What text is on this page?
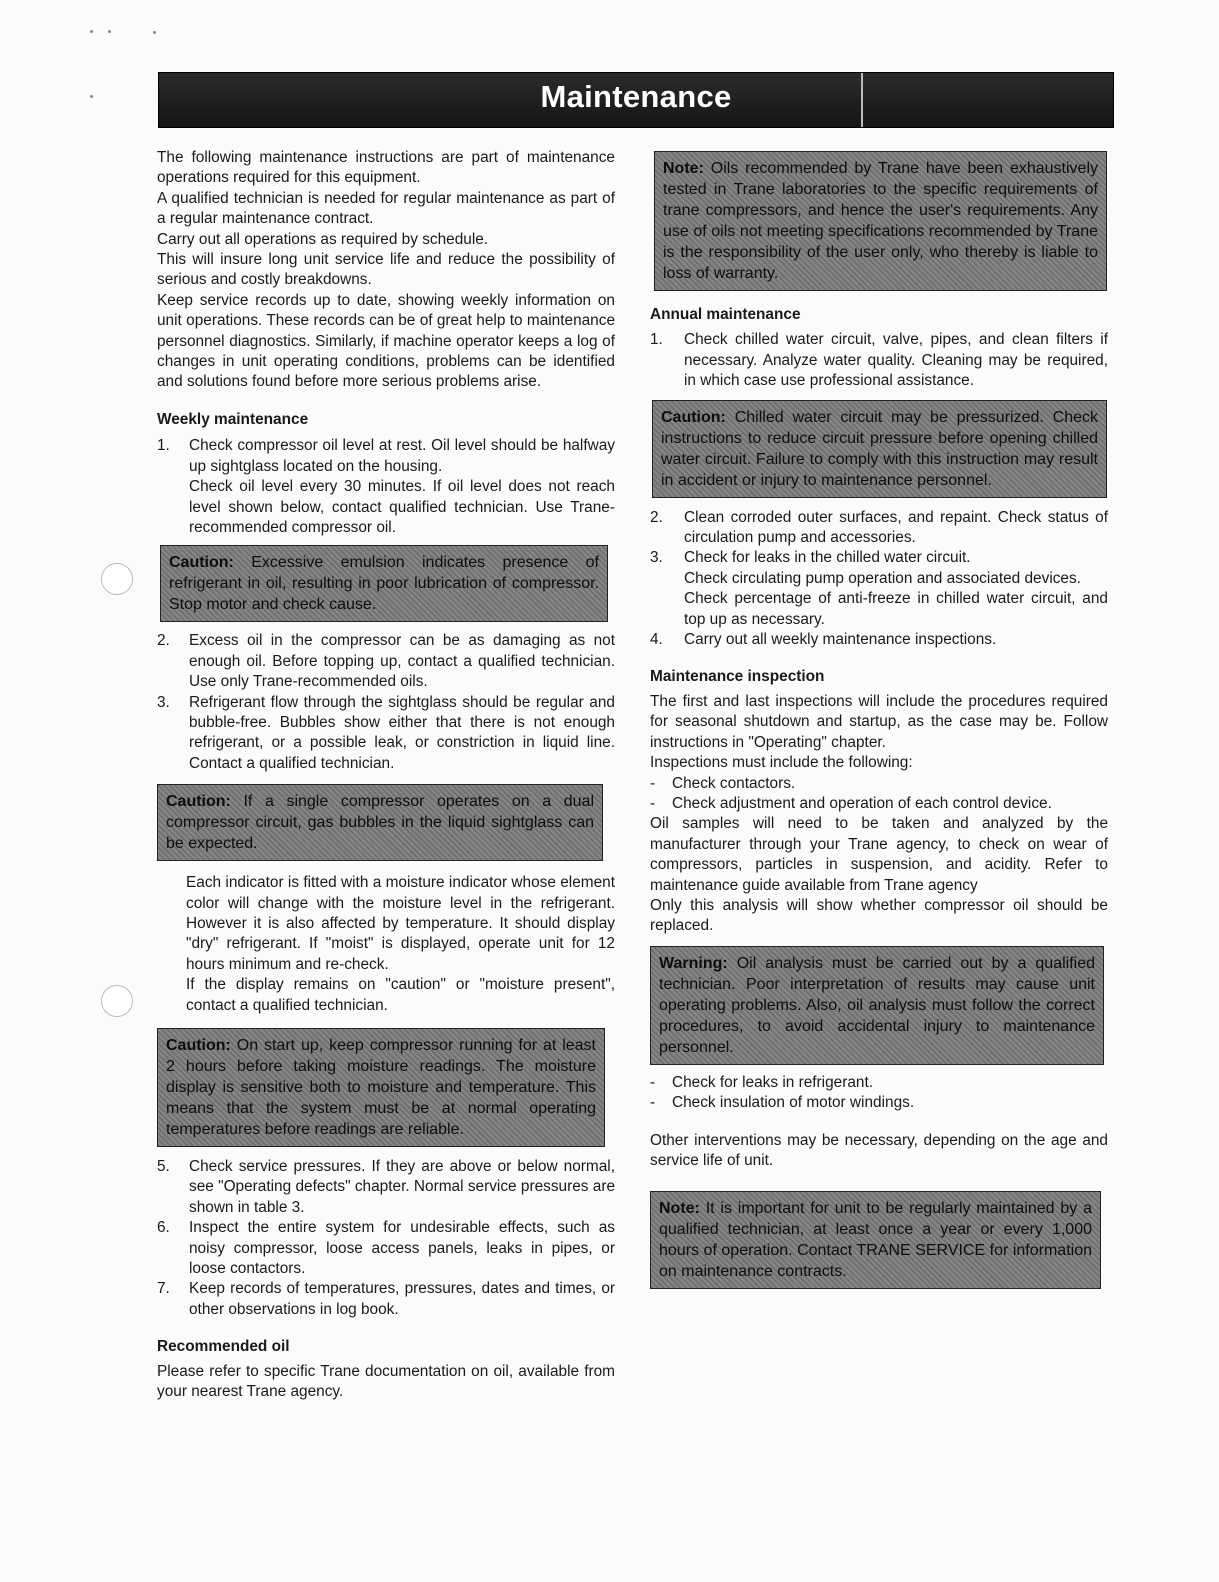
Maintenance

The following maintenance instructions are part of maintenance operations required for this equipment.

A qualified technician is needed for regular maintenance as part of a regular maintenance contract.

Carry out all operations as required by schedule.

This will insure long unit service life and reduce the possibility of serious and costly breakdowns.

Keep service records up to date, showing weekly information on unit operations. These records can be of great help to maintenance personnel diagnostics. Similarly, if machine operator keeps a log of changes in unit operating conditions, problems can be identified and solutions found before more serious problems arise.

Weekly maintenance
1. Check compressor oil level at rest. Oil level should be halfway up sightglass located on the housing.
Check oil level every 30 minutes. If oil level does not reach level shown below, contact qualified technician. Use Trane-recommended compressor oil.
Caution: Excessive emulsion indicates presence of refrigerant in oil, resulting in poor lubrication of compressor. Stop motor and check cause.
2. Excess oil in the compressor can be as damaging as not enough oil. Before topping up, contact a qualified technician. Use only Trane-recommended oils.
3. Refrigerant flow through the sightglass should be regular and bubble-free. Bubbles show either that there is not enough refrigerant, or a possible leak, or constriction in liquid line. Contact a qualified technician.
Caution: If a single compressor operates on a dual compressor circuit, gas bubbles in the liquid sightglass can be expected.

Each indicator is fitted with a moisture indicator whose element color will change with the moisture level in the refrigerant. However it is also affected by temperature. It should display "dry" refrigerant. If "moist" is displayed, operate unit for 12 hours minimum and re-check.

If the display remains on "caution" or "moisture present", contact a qualified technician.

Caution: On start up, keep compressor running for at least 2 hours before taking moisture readings. The moisture display is sensitive both to moisture and temperature. This means that the system must be at normal operating temperatures before readings are reliable.
5. Check service pressures. If they are above or below normal, see "Operating defects" chapter. Normal service pressures are shown in table 3.
6. Inspect the entire system for undesirable effects, such as noisy compressor, loose access panels, leaks in pipes, or loose contactors.
7. Keep records of temperatures, pressures, dates and times, or other observations in log book.
Recommended oil

Please refer to specific Trane documentation on oil, available from your nearest Trane agency.

Note: Oils recommended by Trane have been exhaustively tested in Trane laboratories to the specific requirements of trane compressors, and hence the user's requirements. Any use of oils not meeting specifications recommended by Trane is the responsibility of the user only, who thereby is liable to loss of warranty.
Annual maintenance
1. Check chilled water circuit, valve, pipes, and clean filters if necessary. Analyze water quality. Cleaning may be required, in which case use professional assistance.
Caution: Chilled water circuit may be pressurized. Check instructions to reduce circuit pressure before opening chilled water circuit. Failure to comply with this instruction may result in accident or injury to maintenance personnel.
2. Clean corroded outer surfaces, and repaint. Check status of circulation pump and accessories.
3. Check for leaks in the chilled water circuit.
Check circulating pump operation and associated devices.
Check percentage of anti-freeze in chilled water circuit, and top up as necessary.
4. Carry out all weekly maintenance inspections.
Maintenance inspection

The first and last inspections will include the procedures required for seasonal shutdown and startup, as the case may be. Follow instructions in "Operating" chapter.

Inspections must include the following:

- Check contactors.
- Check adjustment and operation of each control device.

Oil samples will need to be taken and analyzed by the manufacturer through your Trane agency, to check on wear of compressors, particles in suspension, and acidity. Refer to maintenance guide available from Trane agency

Only this analysis will show whether compressor oil should be replaced.

Warning: Oil analysis must be carried out by a qualified technician. Poor interpretation of results may cause unit operating problems. Also, oil analysis must follow the correct procedures, to avoid accidental injury to maintenance personnel.
- Check for leaks in refrigerant.
- Check insulation of motor windings.

Other interventions may be necessary, depending on the age and service life of unit.

Note: It is important for unit to be regularly maintained by a qualified technician, at least once a year or every 1,000 hours of operation. Contact TRANE SERVICE for information on maintenance contracts.
